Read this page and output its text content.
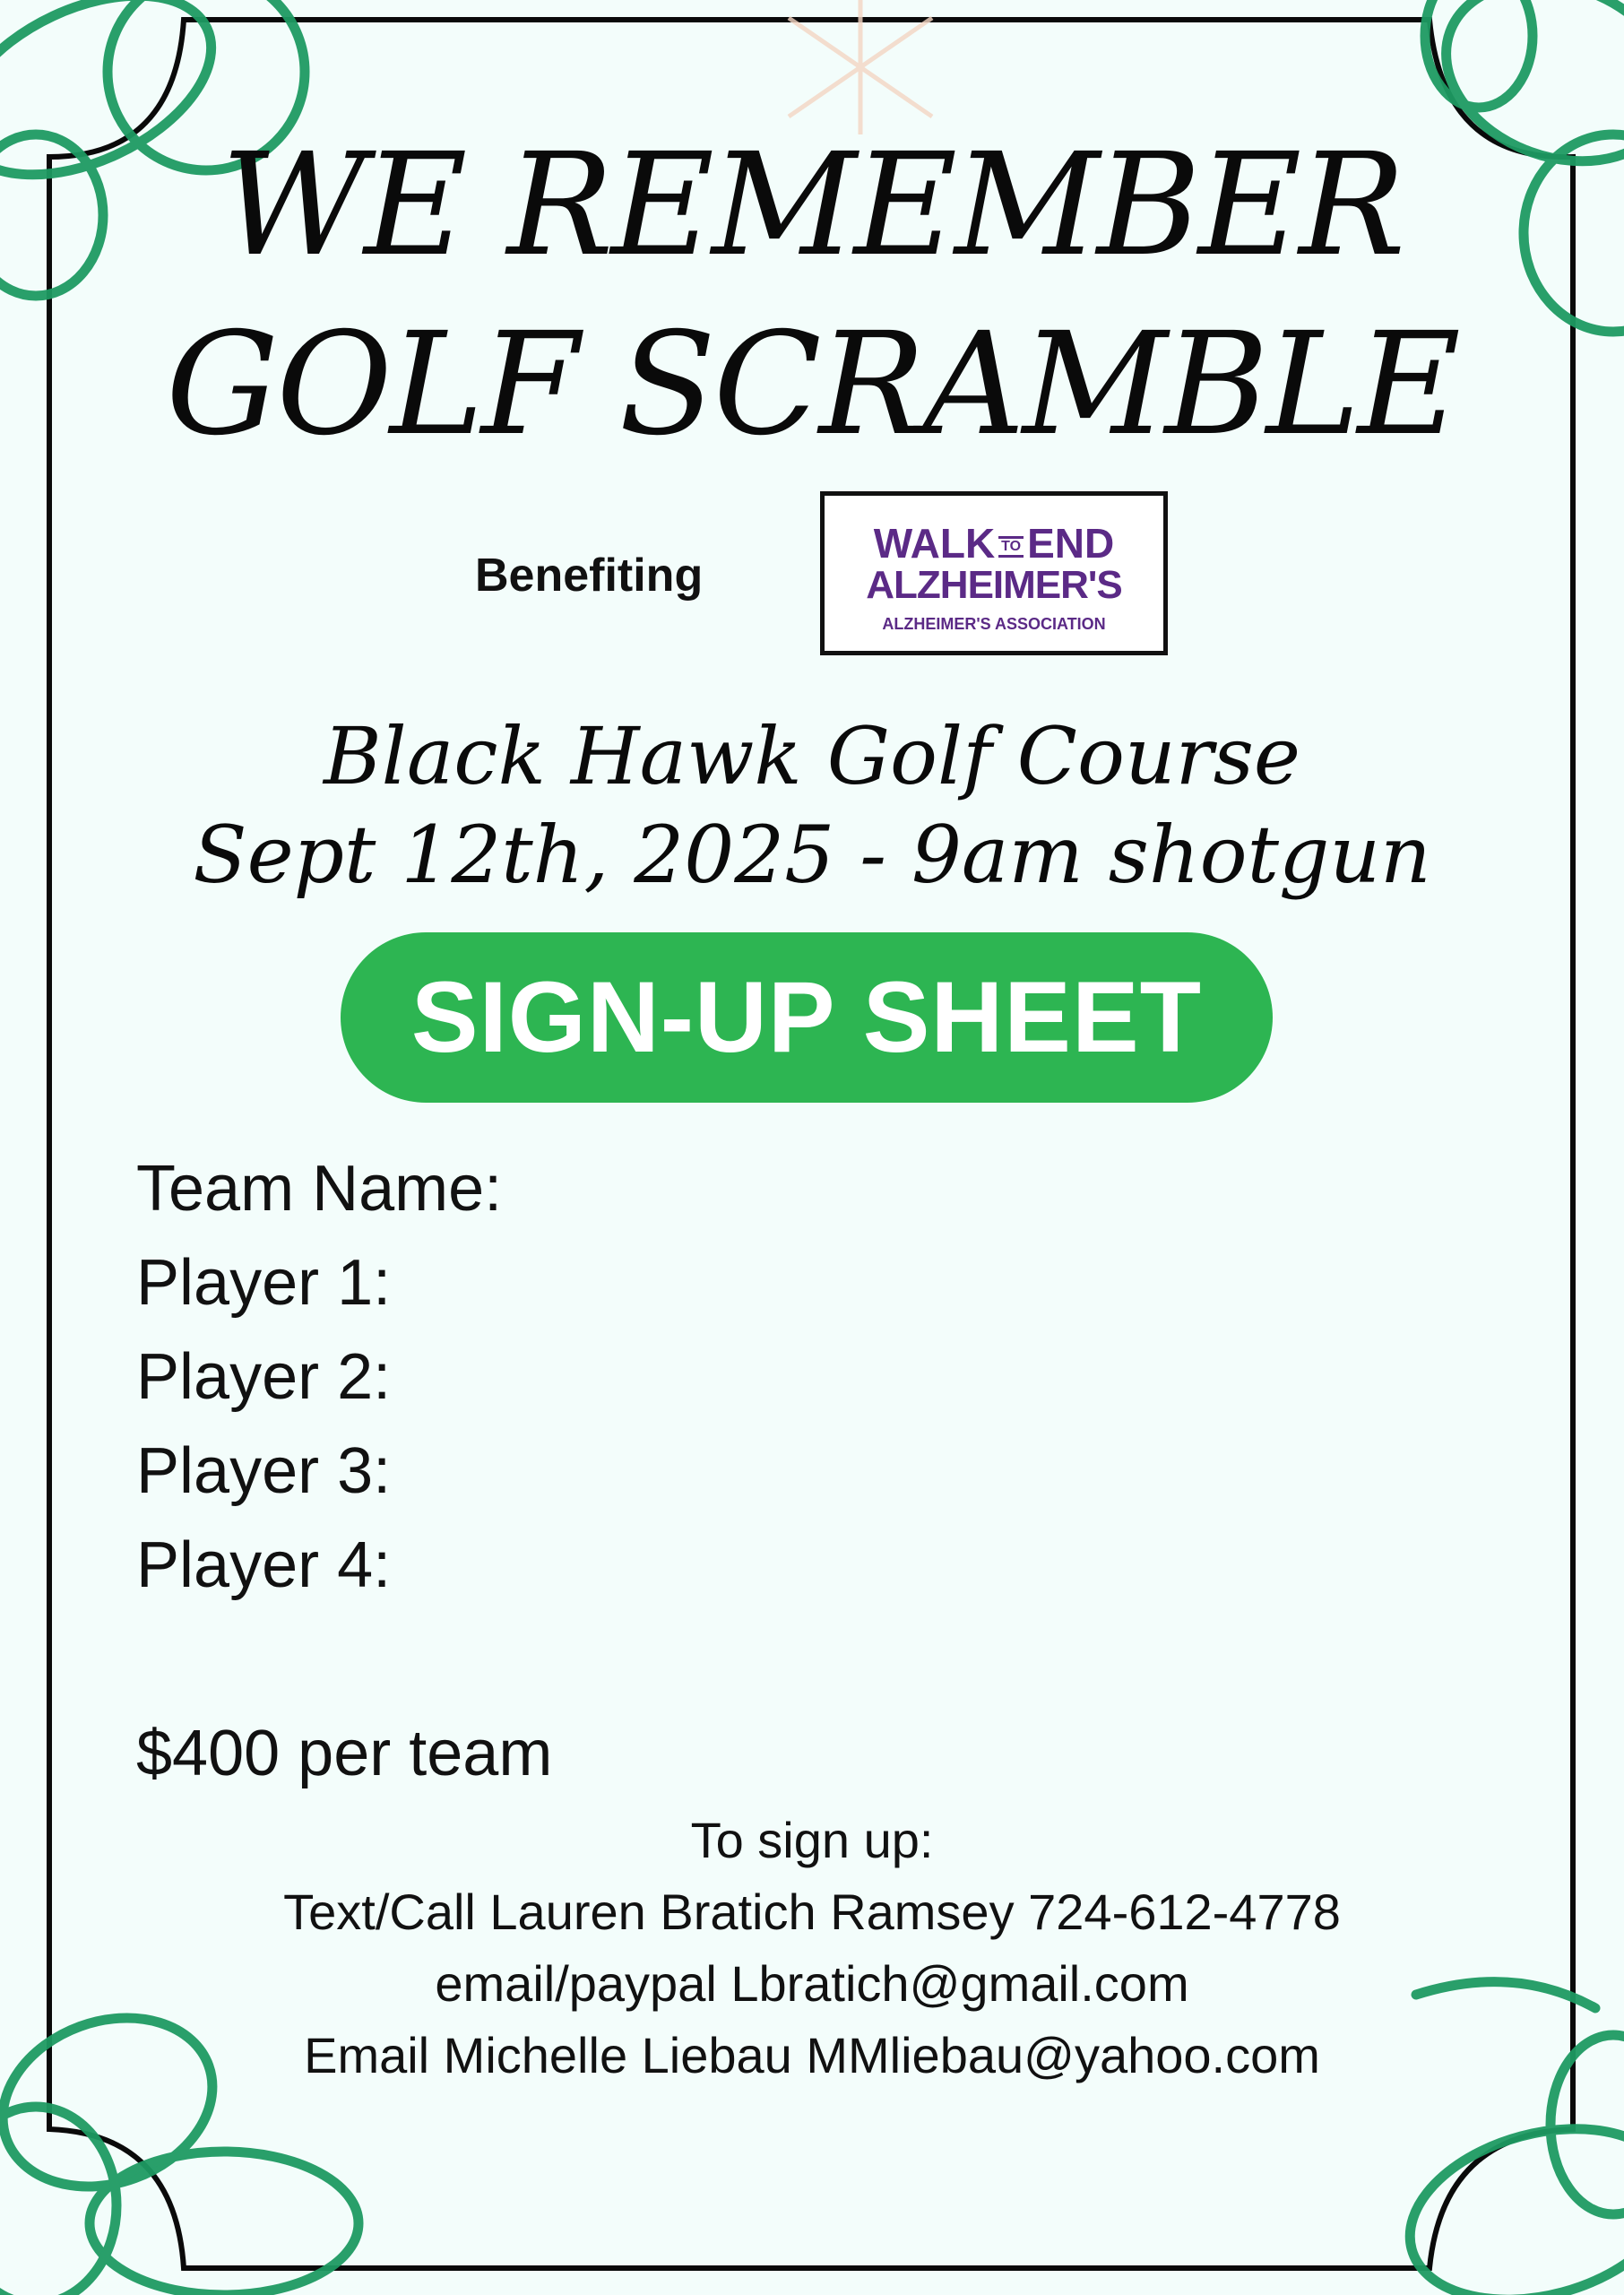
WE REMEMBER
GOLF SCRAMBLE
Benefiting
WALK TO END
ALZHEIMER'S
ALZHEIMER'S ASSOCIATION
Black Hawk Golf Course
Sept 12th, 2025 - 9am shotgun
SIGN-UP SHEET
Team Name:
Player 1:
Player 2:
Player 3:
Player 4:
$400 per team
To sign up:
Text/Call Lauren Bratich Ramsey 724-612-4778
email/paypal Lbratich@gmail.com
Email Michelle Liebau MMliebau@yahoo.com
